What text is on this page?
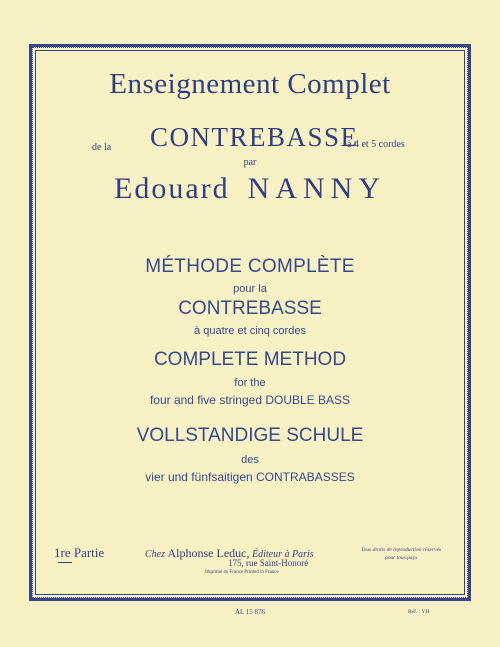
Enseignement Complet
de la CONTREBASSE
à 4 et 5 cordes
par
Edouard NANNY
MÉTHODE COMPLÈTE
pour la
CONTREBASSE
à quatre et cinq cordes
COMPLETE METHOD
for the
four and five stringed DOUBLE BASS
VOLLSTANDIGE SCHULE
des
vier und fünfsaitigen CONTRABASSES
1re Partie	Chez Alphonse Leduc, Éditeur à Paris
175, rue Saint-Honoré
Imprimé en France Printed in France
Tous droits de reproduction réservés
pour tous pays
AL 15 876	Réf. : YH
